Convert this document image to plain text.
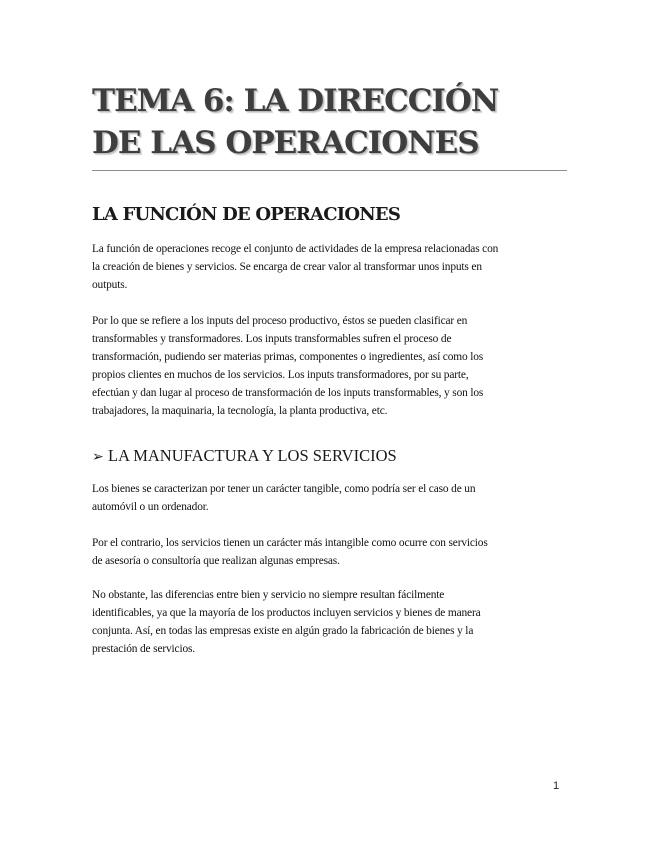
TEMA 6: LA DIRECCIÓN
DE LAS OPERACIONES
LA FUNCIÓN DE OPERACIONES

La función de operaciones recoge el conjunto de actividades de la empresa relacionadas con
la creación de bienes y servicios. Se encarga de crear valor al transformar unos inputs en
outputs.

Por lo que se refiere a los inputs del proceso productivo, éstos se pueden clasificar en
transformables y transformadores. Los inputs transformables sufren el proceso de
transformación, pudiendo ser materias primas, componentes o ingredientes, así como los
propios clientes en muchos de los servicios. Los inputs transformadores, por su parte,
efectúan y dan lugar al proceso de transformación de los inputs transformables, y son los
trabajadores, la maquinaria, la tecnología, la planta productiva, etc.

➢ LA MANUFACTURA Y LOS SERVICIOS

Los bienes se caracterizan por tener un carácter tangible, como podría ser el caso de un
automóvil o un ordenador.

Por el contrario, los servicios tienen un carácter más intangible como ocurre con servicios
de asesoría o consultoría que realizan algunas empresas.

No obstante, las diferencias entre bien y servicio no siempre resultan fácilmente
identificables, ya que la mayoría de los productos incluyen servicios y bienes de manera
conjunta. Así, en todas las empresas existe en algún grado la fabricación de bienes y la
prestación de servicios.

1
